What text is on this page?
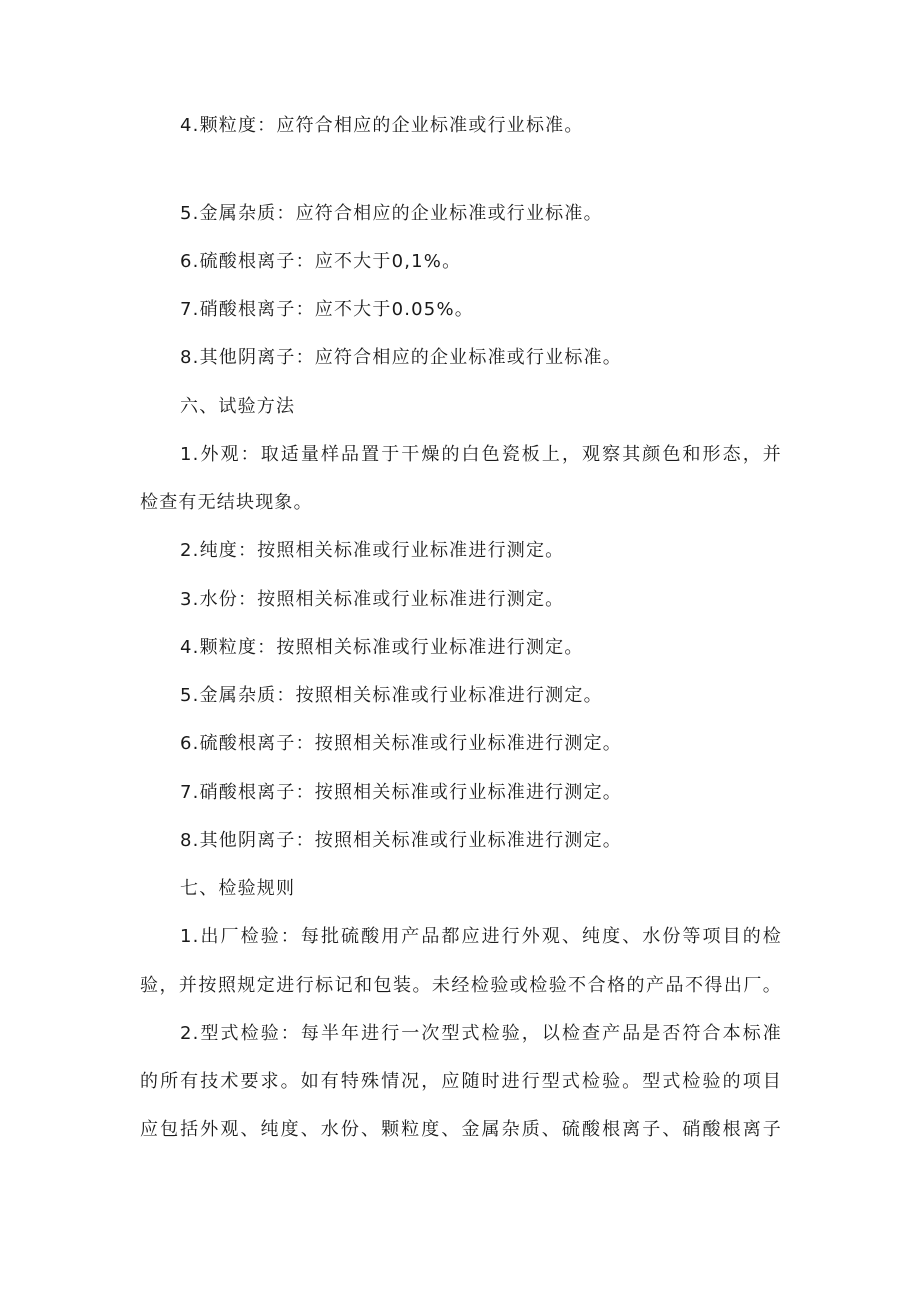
4.颗粒度：应符合相应的企业标准或行业标准。
5.金属杂质：应符合相应的企业标准或行业标准。
6.硫酸根离子：应不大于0,1%。
7.硝酸根离子：应不大于0.05%。
8.其他阴离子：应符合相应的企业标准或行业标准。
六、试验方法
1.外观：取适量样品置于干燥的白色瓷板上，观察其颜色和形态，并
检查有无结块现象。
2.纯度：按照相关标准或行业标准进行测定。
3.水份：按照相关标准或行业标准进行测定。
4.颗粒度：按照相关标准或行业标准进行测定。
5.金属杂质：按照相关标准或行业标准进行测定。
6.硫酸根离子：按照相关标准或行业标准进行测定。
7.硝酸根离子：按照相关标准或行业标准进行测定。
8.其他阴离子：按照相关标准或行业标准进行测定。
七、检验规则
1.出厂检验：每批硫酸用产品都应进行外观、纯度、水份等项目的检
验，并按照规定进行标记和包装。未经检验或检验不合格的产品不得出厂。
2.型式检验：每半年进行一次型式检验，以检查产品是否符合本标准
的所有技术要求。如有特殊情况，应随时进行型式检验。型式检验的项目
应包括外观、纯度、水份、颗粒度、金属杂质、硫酸根离子、硝酸根离子
